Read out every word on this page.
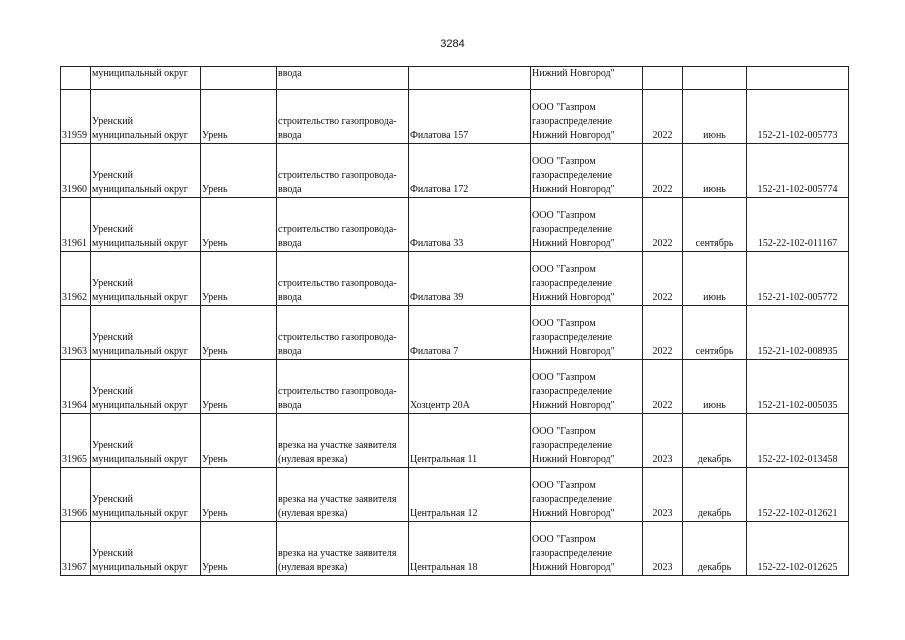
3284

	муниципальный округ		ввода		Нижний Новгород"			

31959	Уренский
муниципальный округ	Урень	строительство газопровода-
ввода	Филатова 157	ООО "Газпром
газораспределение
Нижний Новгород"	2022	июнь	152-21-102-005773
31960	Уренский
муниципальный округ	Урень	строительство газопровода-
ввода	Филатова 172	ООО "Газпром
газораспределение
Нижний Новгород"	2022	июнь	152-21-102-005774
31961	Уренский
муниципальный округ	Урень	строительство газопровода-
ввода	Филатова 33	ООО "Газпром
газораспределение
Нижний Новгород"	2022	сентябрь	152-22-102-011167
31962	Уренский
муниципальный округ	Урень	строительство газопровода-
ввода	Филатова 39	ООО "Газпром
газораспределение
Нижний Новгород"	2022	июнь	152-21-102-005772
31963	Уренский
муниципальный округ	Урень	строительство газопровода-
ввода	Филатова 7	ООО "Газпром
газораспределение
Нижний Новгород"	2022	сентябрь	152-21-102-008935
31964	Уренский
муниципальный округ	Урень	строительство газопровода-
ввода	Хозцентр 20А	ООО "Газпром
газораспределение
Нижний Новгород"	2022	июнь	152-21-102-005035
31965	Уренский
муниципальный округ	Урень	врезка на участке заявителя
(нулевая врезка)	Центральная 11	ООО "Газпром
газораспределение
Нижний Новгород"	2023	декабрь	152-22-102-013458
31966	Уренский
муниципальный округ	Урень	врезка на участке заявителя
(нулевая врезка)	Центральная 12	ООО "Газпром
газораспределение
Нижний Новгород"	2023	декабрь	152-22-102-012621
31967	Уренский
муниципальный округ	Урень	врезка на участке заявителя
(нулевая врезка)	Центральная 18	ООО "Газпром
газораспределение
Нижний Новгород"	2023	декабрь	152-22-102-012625
